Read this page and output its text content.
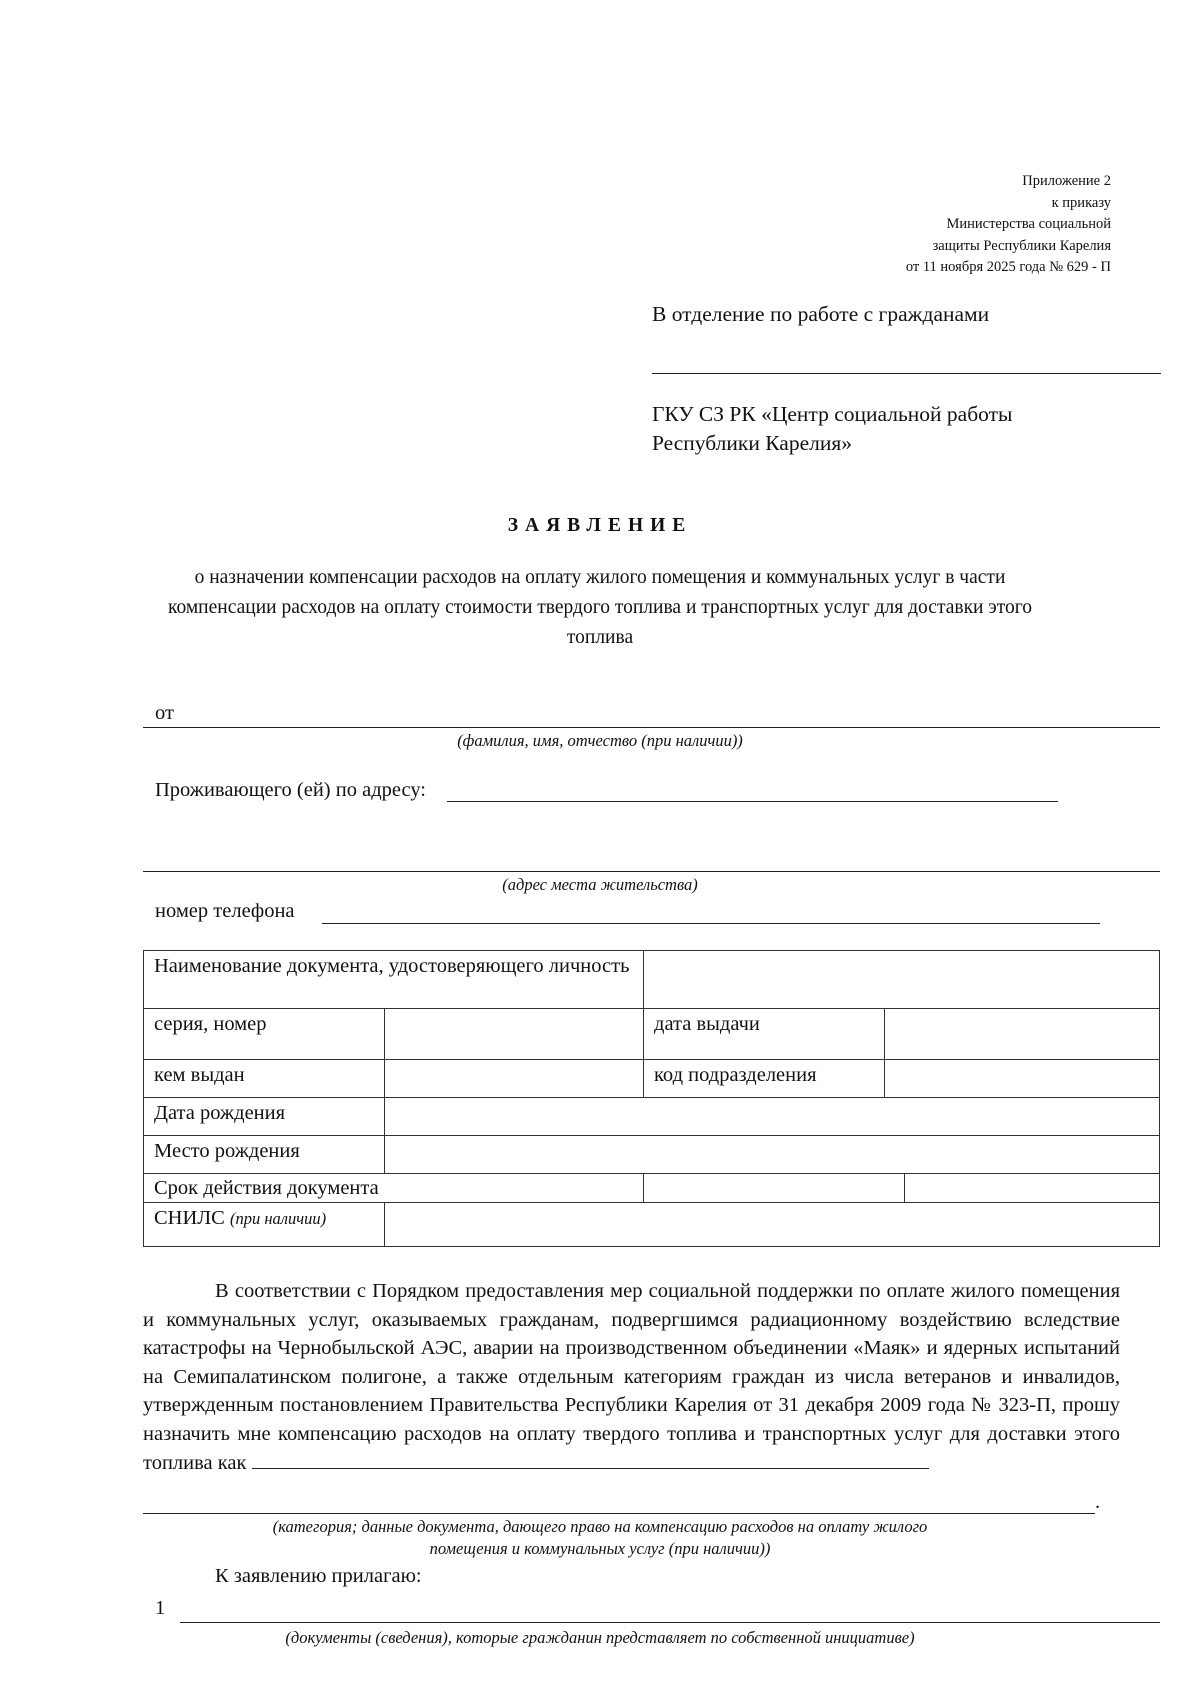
Приложение 2
к приказу
Министерства социальной
защиты Республики Карелия
от 11 ноября 2025 года № 629 - П
В отделение по работе с гражданами
ГКУ СЗ РК «Центр социальной работы
Республики Карелия»
ЗАЯВЛЕНИЕ
о назначении компенсации расходов на оплату жилого помещения и коммунальных услуг в части компенсации расходов на оплату стоимости твердого топлива и транспортных услуг для доставки этого топлива
от
(фамилия, имя, отчество (при наличии))
Проживающего (ей) по адресу:
(адрес места жительства)
номер телефона
Наименование документа, удостоверяющего личность				
серия, номер		дата выдачи		
кем выдан		код подразделения		
Дата рождения				
Место рождения				
Срок действия документа				
СНИЛС (при наличии)				
В соответствии с Порядком предоставления мер социальной поддержки по оплате жилого помещения и коммунальных услуг, оказываемых гражданам, подвергшимся радиационному воздействию вследствие катастрофы на Чернобыльской АЭС, аварии на производственном объединении «Маяк» и ядерных испытаний на Семипалатинском полигоне, а также отдельным категориям граждан из числа ветеранов и инвалидов, утвержденным постановлением Правительства Республики Карелия от 31 декабря 2009 года № 323-П, прошу назначить мне компенсацию расходов на оплату твердого топлива и транспортных услуг для доставки этого топлива как
.
(категория; данные документа, дающего право на компенсацию расходов на оплату жилого
помещения и коммунальных услуг (при наличии))
К заявлению прилагаю:
1
(документы (сведения), которые гражданин представляет по собственной инициативе)
